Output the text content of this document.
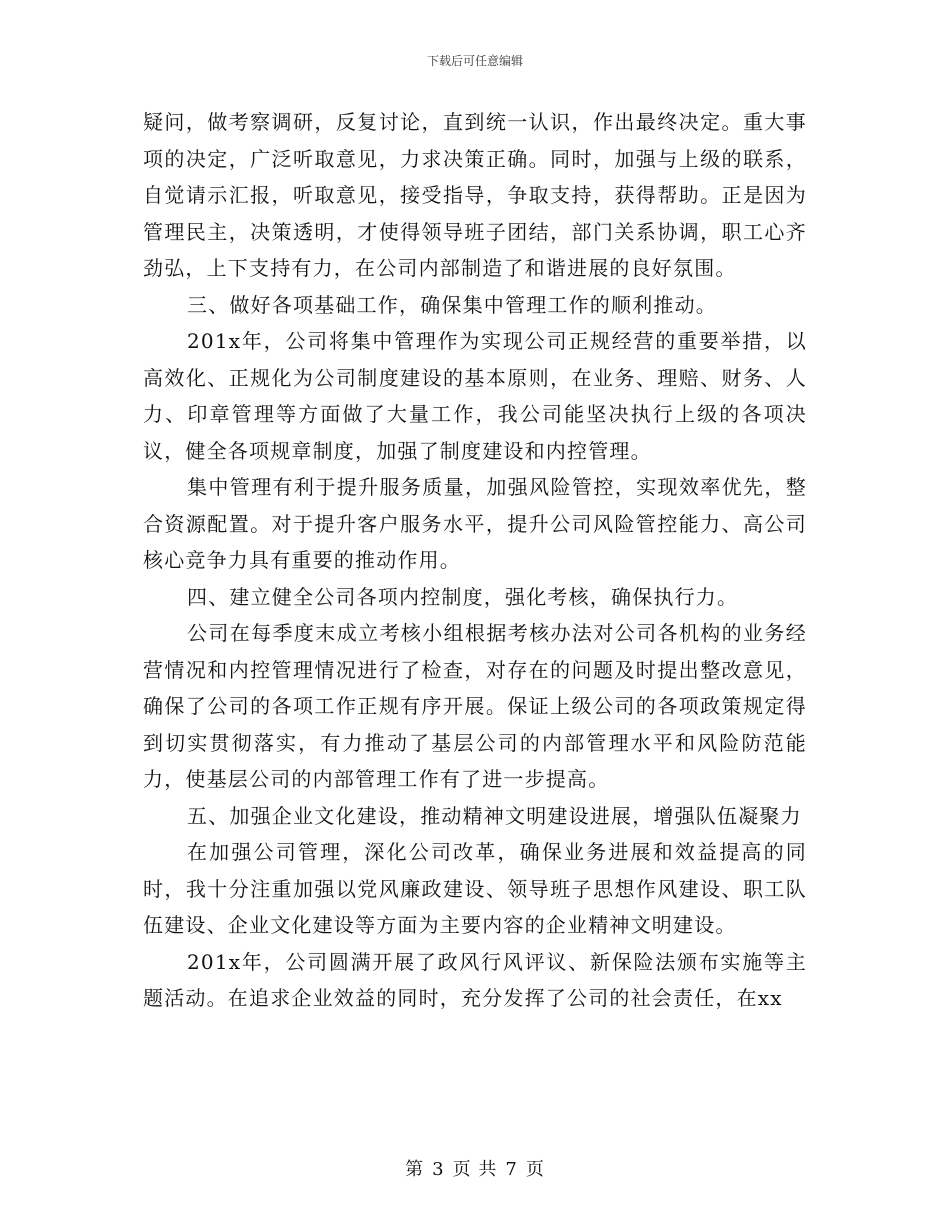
下载后可任意编辑

疑问，做考察调研，反复讨论，直到统一认识，作出最终决定。重大事项的决定，广泛听取意见，力求决策正确。同时，加强与上级的联系，自觉请示汇报，听取意见，接受指导，争取支持，获得帮助。正是因为管理民主，决策透明，才使得领导班子团结，部门关系协调，职工心齐劲弘，上下支持有力，在公司内部制造了和谐进展的良好氛围。

三、做好各项基础工作，确保集中管理工作的顺利推动。

201x年，公司将集中管理作为实现公司正规经营的重要举措，以高效化、正规化为公司制度建设的基本原则，在业务、理赔、财务、人力、印章管理等方面做了大量工作，我公司能坚决执行上级的各项决议，健全各项规章制度，加强了制度建设和内控管理。

集中管理有利于提升服务质量，加强风险管控，实现效率优先，整合资源配置。对于提升客户服务水平，提升公司风险管控能力、高公司核心竞争力具有重要的推动作用。

四、建立健全公司各项内控制度，强化考核，确保执行力。

公司在每季度末成立考核小组根据考核办法对公司各机构的业务经营情况和内控管理情况进行了检查，对存在的问题及时提出整改意见，确保了公司的各项工作正规有序开展。保证上级公司的各项政策规定得到切实贯彻落实，有力推动了基层公司的内部管理水平和风险防范能力，使基层公司的内部管理工作有了进一步提高。

五、加强企业文化建设，推动精神文明建设进展，增强队伍凝聚力

在加强公司管理，深化公司改革，确保业务进展和效益提高的同时，我十分注重加强以党风廉政建设、领导班子思想作风建设、职工队伍建设、企业文化建设等方面为主要内容的企业精神文明建设。

201x年，公司圆满开展了政风行风评议、新保险法颁布实施等主题活动。在追求企业效益的同时，充分发挥了公司的社会责任，在xx

第 3 页 共 7 页
